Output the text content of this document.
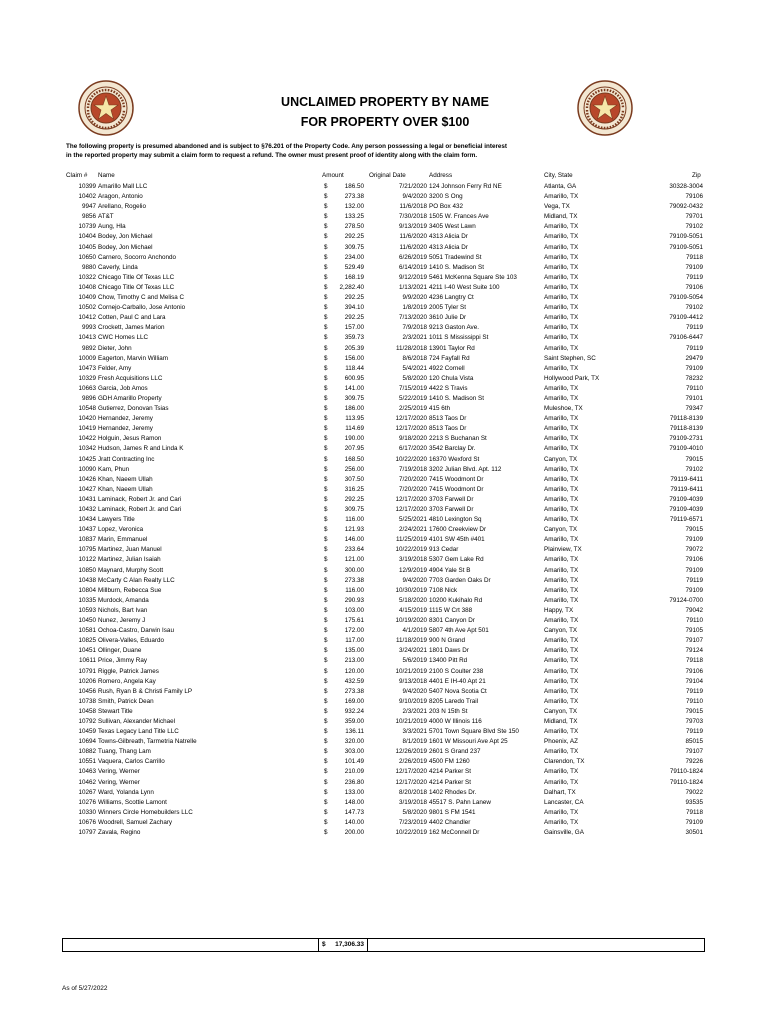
UNCLAIMED PROPERTY BY NAME
FOR PROPERTY OVER $100
The following property is presumed abandoned and is subject to §76.201 of the Property Code. Any person possessing a legal or beneficial interest
in the reported property may submit a claim form to request a refund. The owner must present proof of identity along with the claim form.
Claim # Name	Amount	Original Date	Address	City, State	Zip
10399 Amarillo Mall LLC	$	186.50	7/21/2020 124 Johnson Ferry Rd NE	Atlanta, GA	30328-3004
10402 Aragon, Antonio	$	273.38	9/4/2020 3200 S Ong	Amarillo, TX	79106
9947 Arellano, Rogelio	$	132.00	11/6/2018 PO Box 432	Vega, TX	79092-0432
9856 AT&T	$	133.25	7/30/2018 1505 W. Frances Ave	Midland, TX	79701
10739 Aung, Hla	$	278.50	9/13/2019 3405 West Lawn	Amarillo, TX	79102
10404 Bodey, Jon Michael	$	292.25	11/6/2020 4313 Alicia Dr	Amarillo, TX	79109-5051
10405 Bodey, Jon Michael	$	309.75	11/6/2020 4313 Alicia Dr	Amarillo, TX	79109-5051
10650 Carnero, Socorro Anchondo	$	234.00	6/26/2019 5051 Tradewind St	Amarillo, TX	79118
9880 Caverly, Linda	$	529.49	6/14/2019 1410 S. Madison St	Amarillo, TX	79109
10322 Chicago Title Of Texas LLC	$	168.19	9/12/2019 5461 McKenna Square Ste 103	Amarillo, TX	79119
10408 Chicago Title Of Texas LLC	$	2,282.40	1/13/2021 4211 I-40 West Suite 100	Amarillo, TX	79106
10409 Chow, Timothy C and Melisa C	$	292.25	9/9/2020 4236 Langtry Ct	Amarillo, TX	79109-5054
10502 Cornejo-Carballo, Jose Antonio	$	394.10	1/8/2019 2005 Tyler St	Amarillo, TX	79102
10412 Cotten, Paul C and Lara	$	292.25	7/13/2020 3610 Julie Dr	Amarillo, TX	79109-4412
9993 Crockett, James Marion	$	157.00	7/9/2018 9213 Gaston Ave.	Amarillo, TX	79119
10413 CWC Homes LLC	$	359.73	2/3/2021 1011 S Mississippi St	Amarillo, TX	79106-6447
9892 Dieter, John	$	205.39	11/28/2018 13901 Taylor Rd	Amarillo, TX	79119
10009 Eagerton, Marvin William	$	156.00	8/6/2018 724 Fayfall Rd	Saint Stephen, SC	29479
10473 Felder, Amy	$	118.44	5/4/2021 4922 Cornell	Amarillo, TX	79109
10329 Fresh Acquisitions LLC	$	600.95	5/8/2020 120 Chula Vista	Hollywood Park, TX	78232
10663 Garcia, Job Amos	$	141.00	7/15/2019 4422 S Travis	Amarillo, TX	79110
9896 GDH Amarillo Property	$	309.75	5/22/2019 1410 S. Madison St	Amarillo, TX	79101
10548 Gutierrez, Donovan Tsias	$	186.00	2/25/2019 415 6th	Muleshoe, TX	79347
10420 Hernandez, Jeremy	$	113.95	12/17/2020 8513 Taos Dr	Amarillo, TX	79118-8139
10419 Hernandez, Jeremy	$	114.69	12/17/2020 8513 Taos Dr	Amarillo, TX	79118-8139
10422 Holguin, Jesus Ramon	$	190.00	9/18/2020 2213 S Buchanan St	Amarillo, TX	79109-2731
10342 Hudson, James R and Linda K	$	207.95	6/17/2020 3542 Barclay Dr.	Amarillo, TX	79109-4010
10425 Jratt Contracting Inc	$	168.50	10/22/2020 16370 Wexford St	Canyon, TX	79015
10090 Kam, Phun	$	256.00	7/19/2018 3202 Julian Blvd. Apt. 112	Amarillo, TX	79102
10426 Khan, Naeem Ullah	$	307.50	7/20/2020 7415 Woodmont Dr	Amarillo, TX	79119-6411
10427 Khan, Naeem Ullah	$	316.25	7/20/2020 7415 Woodmont Dr	Amarillo, TX	79119-6411
10431 Laminack, Robert Jr. and Cari	$	292.25	12/17/2020 3703 Farwell Dr	Amarillo, TX	79109-4039
10432 Laminack, Robert Jr. and Cari	$	309.75	12/17/2020 3703 Farwell Dr	Amarillo, TX	79109-4039
10434 Lawyers Title	$	116.00	5/25/2021 4810 Lexington Sq	Amarillo, TX	79119-6571
10437 Lopez, Veronica	$	121.93	2/24/2021 17600 Creekview Dr	Canyon, TX	79015
10837 Marin, Emmanuel	$	146.00	11/25/2019 4101 SW 45th #401	Amarillo, TX	79109
10795 Martinez, Juan Manuel	$	233.64	10/22/2019 913 Cedar	Plainview, TX	79072
10122 Martinez, Julian Isaiah	$	121.00	3/19/2018 5307 Gem Lake Rd	Amarillo, TX	79106
10850 Maynard, Murphy Scott	$	300.00	12/9/2019 4904 Yale St B	Amarillo, TX	79109
10438 McCarty C Alan Realty LLC	$	273.38	9/4/2020 7703 Garden Oaks Dr	Amarillo, TX	79119
10804 Millburn, Rebecca Sue	$	116.00	10/30/2019 7108 Nick	Amarillo, TX	79109
10335 Murdock, Amanda	$	290.93	5/18/2020 10200 Kukihalo Rd	Amarillo, TX	79124-0700
10593 Nichols, Bart Ivan	$	103.00	4/15/2019 1115 W Crt 388	Happy, TX	79042
10450 Nunez, Jeremy J	$	175.61	10/19/2020 8301 Canyon Dr	Amarillo, TX	79110
10581 Ochoa-Castro, Darwin Isau	$	172.00	4/1/2019 5807 4th Ave Apt 501	Canyon, TX	79105
10825 Olivera-Valles, Eduardo	$	117.00	11/18/2019 900 N Grand	Amarillo, TX	79107
10451 Ollinger, Duane	$	135.00	3/24/2021 1801 Daws Dr	Amarillo, TX	79124
10611 Price, Jimmy Ray	$	213.00	5/6/2019 13400 Pitt Rd	Amarillo, TX	79118
10791 Riggle, Patrick James	$	120.00	10/21/2019 2100 S Coulter 238	Amarillo, TX	79106
10206 Romero, Angela Kay	$	432.59	9/13/2018 4401 E IH-40 Apt 21	Amarillo, TX	79104
10456 Rush, Ryan B & Christi Family LP	$	273.38	9/4/2020 5407 Nova Scotia Ct	Amarillo, TX	79119
10738 Smith, Patrick Dean	$	169.00	9/10/2019 8205 Laredo Trail	Amarillo, TX	79110
10458 Stewart Title	$	932.24	2/3/2021 203 N 15th St	Canyon, TX	79015
10792 Sullivan, Alexander Michael	$	359.00	10/21/2019 4000 W Illinois 116	Midland, TX	79703
10459 Texas Legacy Land Title LLC	$	136.11	3/3/2021 5701 Town Square Blvd Ste 150	Amarillo, TX	79119
10694 Towns-Gilbreath, Tarmetria Natrelle	$	320.00	8/1/2019 1601 W Missouri Ave Apt 25	Phoenix, AZ	85015
10882 Tuang, Thang Lam	$	303.00	12/26/2019 2601 S Grand 237	Amarillo, TX	79107
10551 Vaquera, Carlos Carrillo	$	101.49	2/26/2019 4500 FM 1260	Clarendon, TX	79226
10463 Vering, Werner	$	210.09	12/17/2020 4214 Parker St	Amarillo, TX	79110-1824
10462 Vering, Werner	$	236.80	12/17/2020 4214 Parker St	Amarillo, TX	79110-1824
10267 Ward, Yolanda Lynn	$	133.00	8/20/2018 1402 Rhodes Dr.	Dalhart, TX	79022
10276 Williams, Scottie Lamont	$	148.00	3/19/2018 45517 S. Pahn Lanew	Lancaster, CA	93535
10330 Winners Circle Homebuilders LLC	$	147.73	5/8/2020 9801 S FM 1541	Amarillo, TX	79118
10676 Woodrell, Samuel Zachary	$	140.00	7/23/2019 4402 Chandler	Amarillo, TX	79109
10797 Zavala, Regino	$	200.00	10/22/2019 162 McConnell Dr	Gainsville, GA	30501
$ 17,306.33
As of 5/27/2022
